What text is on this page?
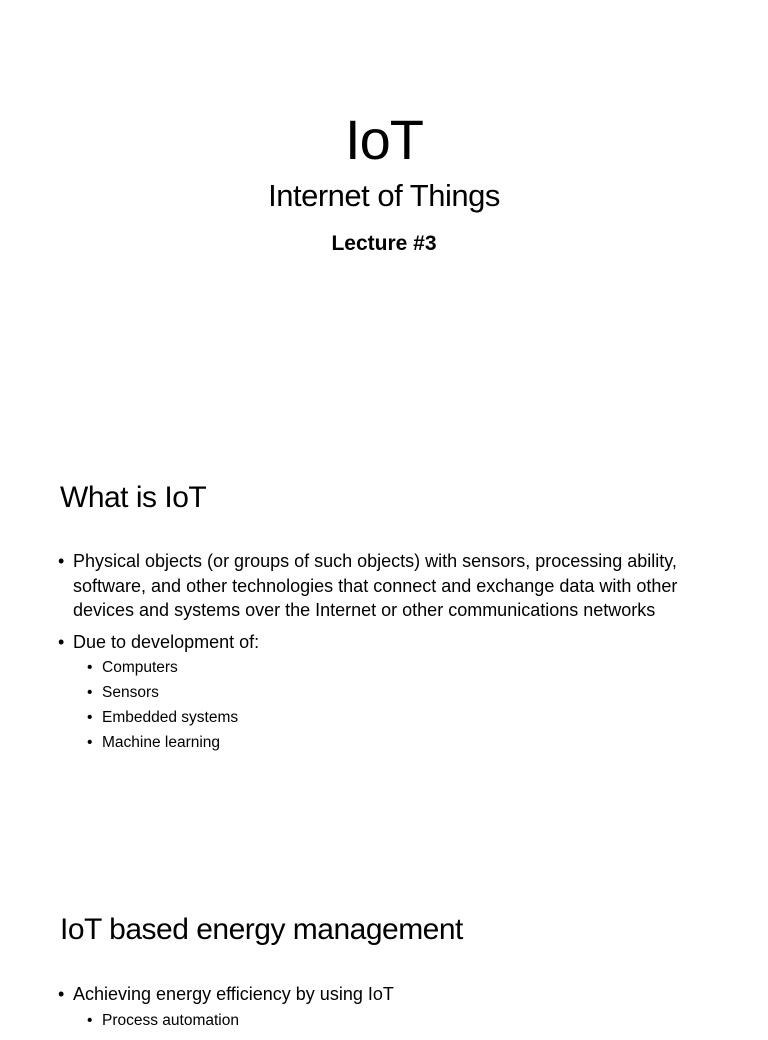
IoT
Internet of Things
Lecture #3
What is IoT
• Physical objects (or groups of such objects) with sensors, processing ability, software, and other technologies that connect and exchange data with other devices and systems over the Internet or other communications networks
• Due to development of:
• Computers
• Sensors
• Embedded systems
• Machine learning
IoT based energy management
• Achieving energy efficiency by using IoT
• Process automation
